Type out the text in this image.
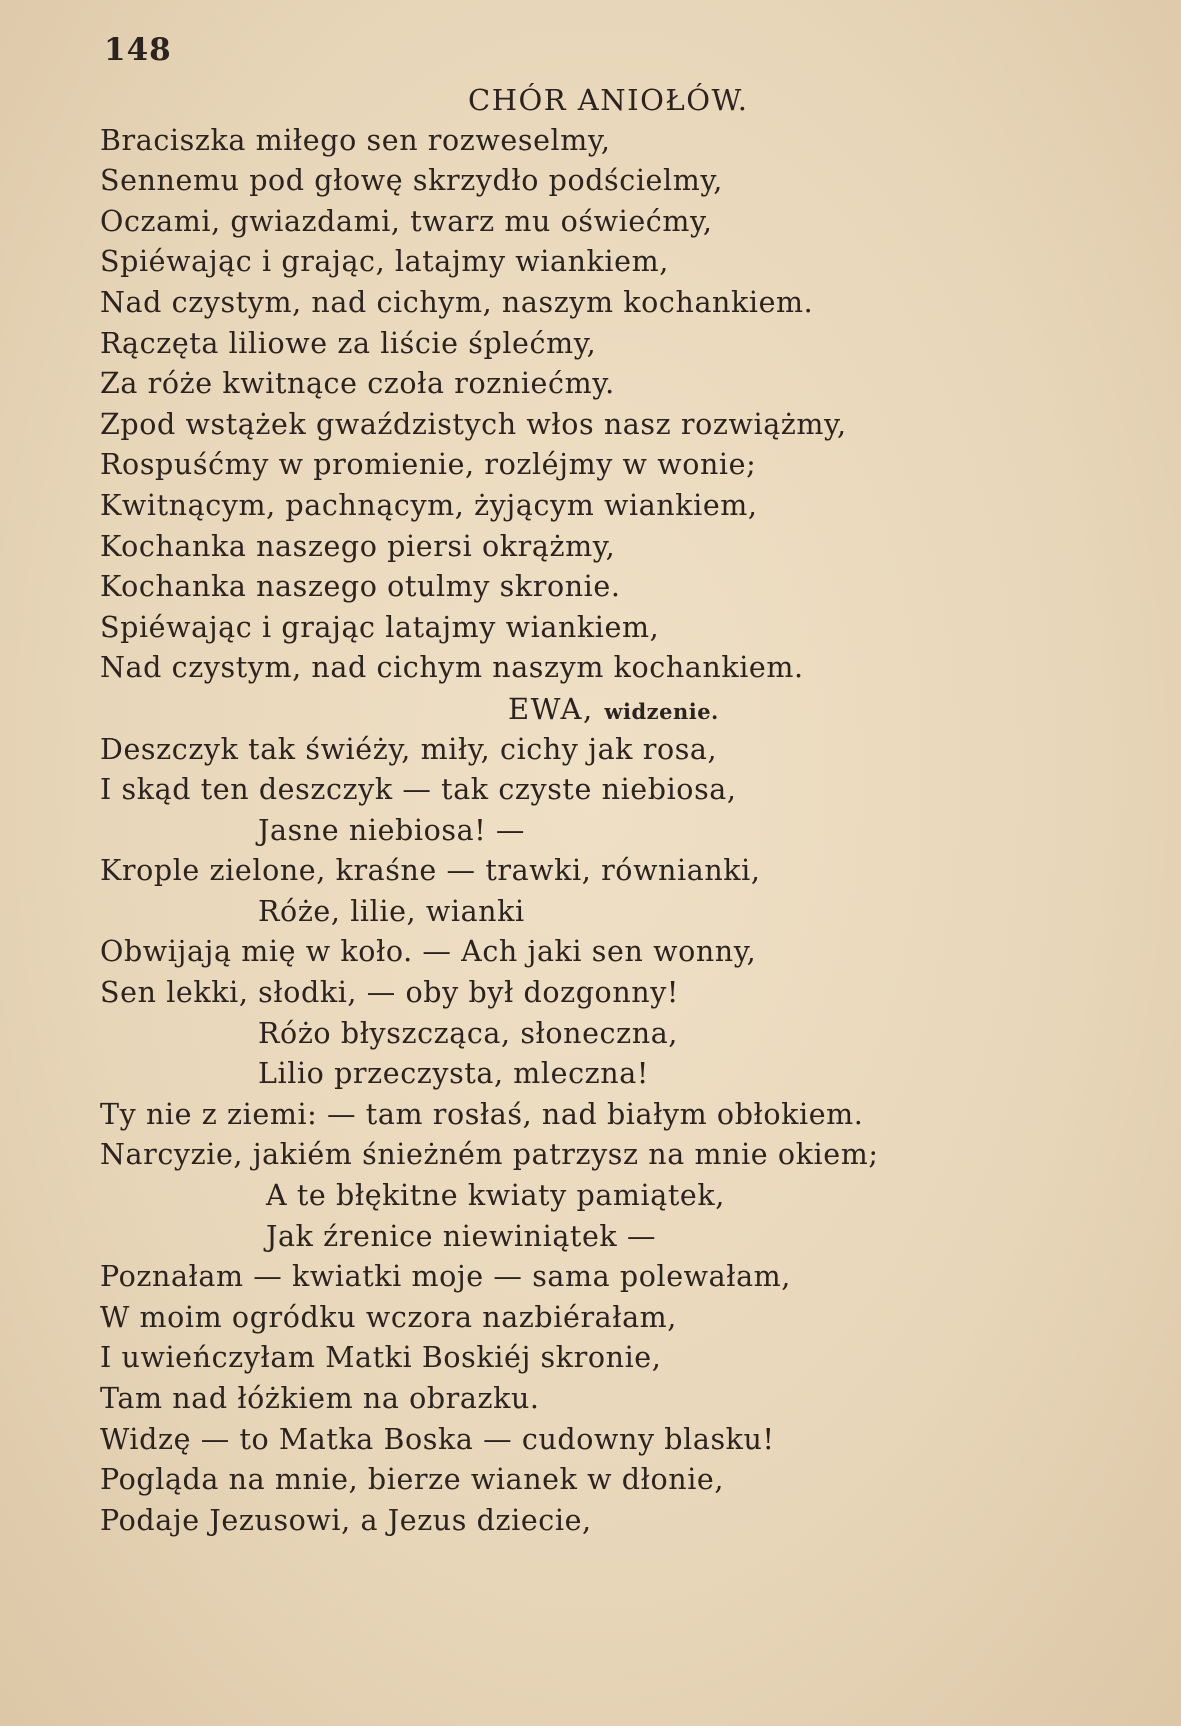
148
CHÓR ANIOŁÓW.
Braciszka miłego sen rozweselmy,
Sennemu pod głowę skrzydło podścielmy,
Oczami, gwiazdami, twarz mu oświećmy,
Spiéwając i grając, latajmy wiankiem,
Nad czystym, nad cichym, naszym kochankiem.
Rączęta liliowe za liście śplećmy,
Za róże kwitnące czoła rozniećmy.
Zpod wstążek gwaździstych włos nasz rozwiążmy,
Rospuśćmy w promienie, rozléjmy w wonie;
Kwitnącym, pachnącym, żyjącym wiankiem,
Kochanka naszego piersi okrążmy,
Kochanka naszego otulmy skronie.
Spiéwając i grając latajmy wiankiem,
Nad czystym, nad cichym naszym kochankiem.
EWA, widzenie.
Deszczyk tak świéży, miły, cichy jak rosa,
I skąd ten deszczyk — tak czyste niebiosa,
Jasne niebiosa! —
Krople zielone, kraśne — trawki, równianki,
Róże, lilie, wianki
Obwijają mię w koło. — Ach jaki sen wonny,
Sen lekki, słodki, — oby był dozgonny!
Różo błyszcząca, słoneczna,
Lilio przeczysta, mleczna!
Ty nie z ziemi: — tam rosłaś, nad białym obłokiem.
Narcyzie, jakiém śnieżném patrzysz na mnie okiem;
A te błękitne kwiaty pamiątek,
Jak źrenice niewiniątek —
Poznałam — kwiatki moje — sama polewałam,
W moim ogródku wczora nazbiérałam,
I uwieńczyłam Matki Boskiéj skronie,
Tam nad łóżkiem na obrazku.
Widzę — to Matka Boska — cudowny blasku!
Pogląda na mnie, bierze wianek w dłonie,
Podaje Jezusowi, a Jezus dziecie,
